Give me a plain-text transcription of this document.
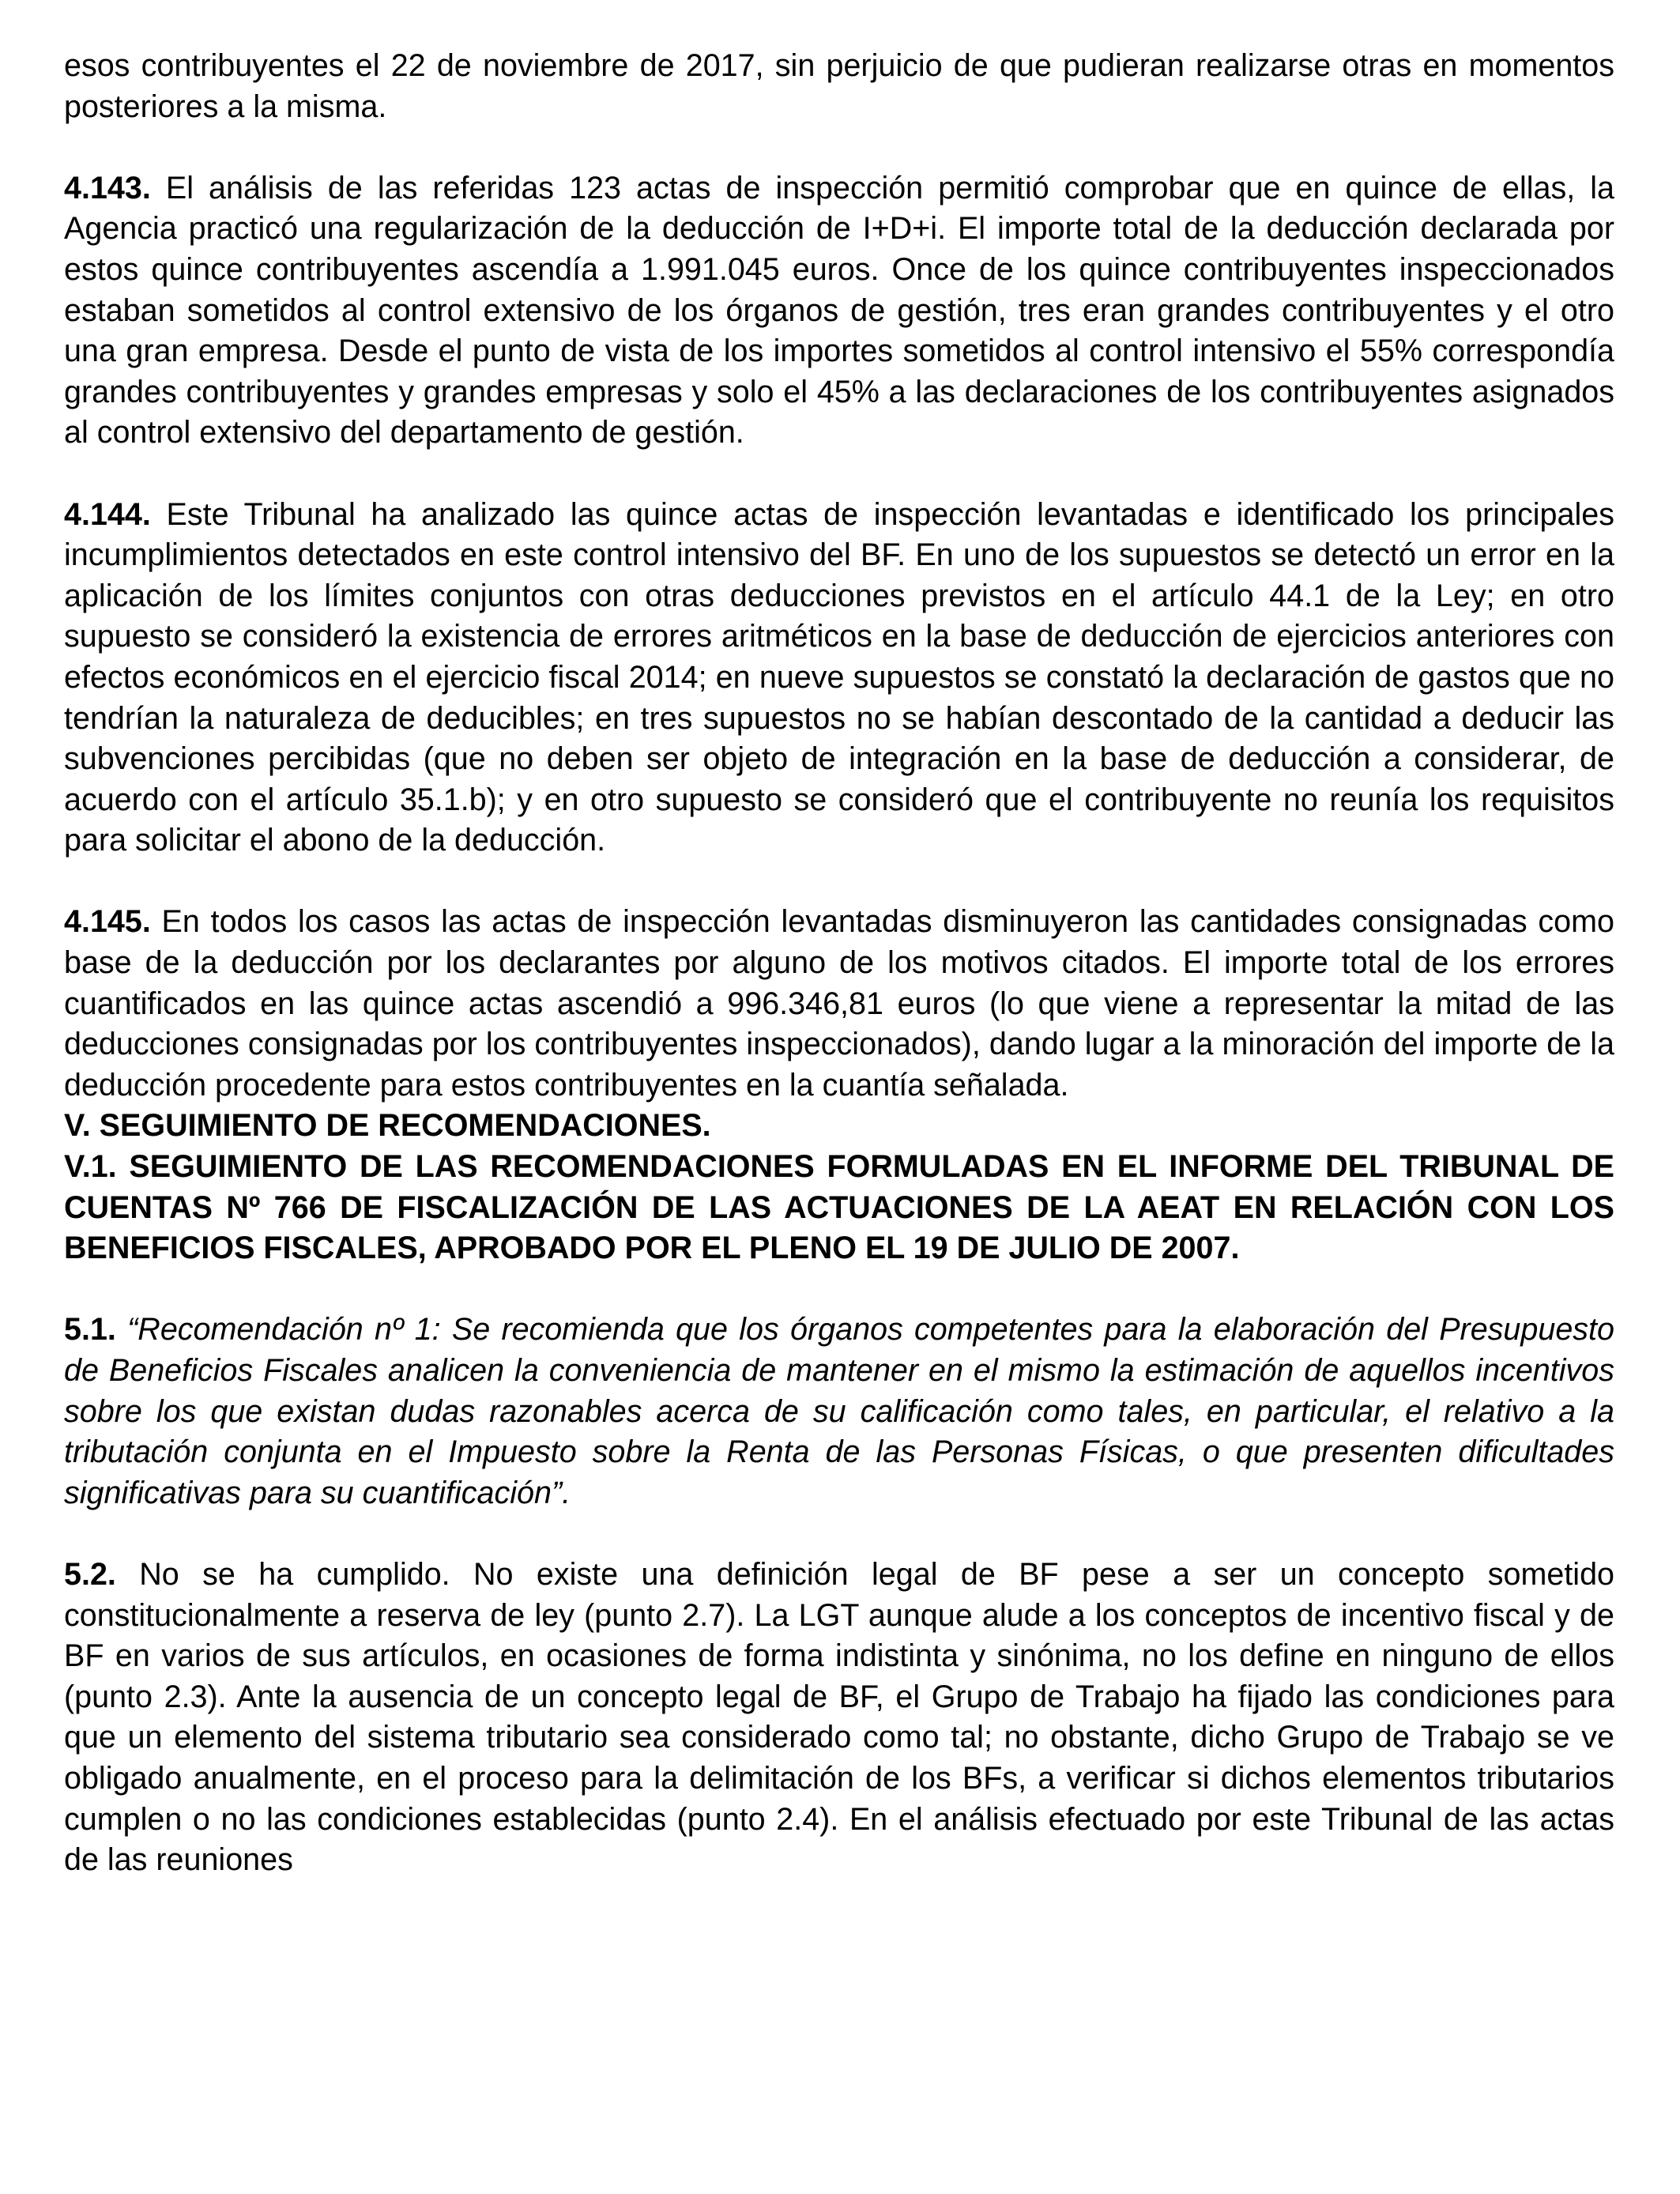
esos contribuyentes el 22 de noviembre de 2017, sin perjuicio de que pudieran realizarse otras en momentos posteriores a la misma.

4.143. El análisis de las referidas 123 actas de inspección permitió comprobar que en quince de ellas, la Agencia practicó una regularización de la deducción de I+D+i. El importe total de la deducción declarada por estos quince contribuyentes ascendía a 1.991.045 euros. Once de los quince contribuyentes inspeccionados estaban sometidos al control extensivo de los órganos de gestión, tres eran grandes contribuyentes y el otro una gran empresa. Desde el punto de vista de los importes sometidos al control intensivo el 55% correspondía grandes contribuyentes y grandes empresas y solo el 45% a las declaraciones de los contribuyentes asignados al control extensivo del departamento de gestión.

4.144. Este Tribunal ha analizado las quince actas de inspección levantadas e identificado los principales incumplimientos detectados en este control intensivo del BF. En uno de los supuestos se detectó un error en la aplicación de los límites conjuntos con otras deducciones previstos en el artículo 44.1 de la Ley; en otro supuesto se consideró la existencia de errores aritméticos en la base de deducción de ejercicios anteriores con efectos económicos en el ejercicio fiscal 2014; en nueve supuestos se constató la declaración de gastos que no tendrían la naturaleza de deducibles; en tres supuestos no se habían descontado de la cantidad a deducir las subvenciones percibidas (que no deben ser objeto de integración en la base de deducción a considerar, de acuerdo con el artículo 35.1.b); y en otro supuesto se consideró que el contribuyente no reunía los requisitos para solicitar el abono de la deducción.

4.145. En todos los casos las actas de inspección levantadas disminuyeron las cantidades consignadas como base de la deducción por los declarantes por alguno de los motivos citados. El importe total de los errores cuantificados en las quince actas ascendió a 996.346,81 euros (lo que viene a representar la mitad de las deducciones consignadas por los contribuyentes inspeccionados), dando lugar a la minoración del importe de la deducción procedente para estos contribuyentes en la cuantía señalada.

V. SEGUIMIENTO DE RECOMENDACIONES.
V.1. SEGUIMIENTO DE LAS RECOMENDACIONES FORMULADAS EN EL INFORME DEL TRIBUNAL DE CUENTAS Nº 766 DE FISCALIZACIÓN DE LAS ACTUACIONES DE LA AEAT EN RELACIÓN CON LOS BENEFICIOS FISCALES, APROBADO POR EL PLENO EL 19 DE JULIO DE 2007.

5.1. “Recomendación nº 1: Se recomienda que los órganos competentes para la elaboración del Presupuesto de Beneficios Fiscales analicen la conveniencia de mantener en el mismo la estimación de aquellos incentivos sobre los que existan dudas razonables acerca de su calificación como tales, en particular, el relativo a la tributación conjunta en el Impuesto sobre la Renta de las Personas Físicas, o que presenten dificultades significativas para su cuantificación”.

5.2. No se ha cumplido. No existe una definición legal de BF pese a ser un concepto sometido constitucionalmente a reserva de ley (punto 2.7). La LGT aunque alude a los conceptos de incentivo fiscal y de BF en varios de sus artículos, en ocasiones de forma indistinta y sinónima, no los define en ninguno de ellos (punto 2.3). Ante la ausencia de un concepto legal de BF, el Grupo de Trabajo ha fijado las condiciones para que un elemento del sistema tributario sea considerado como tal; no obstante, dicho Grupo de Trabajo se ve obligado anualmente, en el proceso para la delimitación de los BFs, a verificar si dichos elementos tributarios cumplen o no las condiciones establecidas (punto 2.4). En el análisis efectuado por este Tribunal de las actas de las reuniones
